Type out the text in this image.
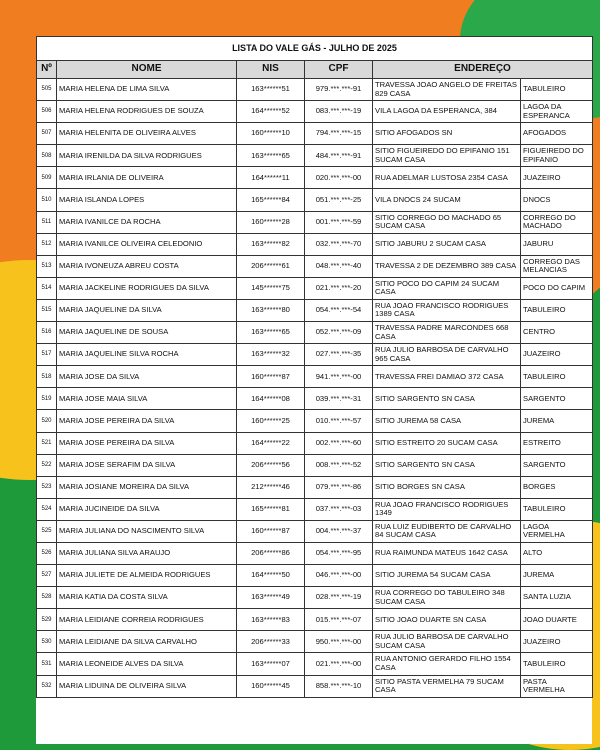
LISTA DO VALE GÁS - JULHO DE 2025					
Nº	NOME	NIS	CPF	ENDEREÇO	
505	MARIA HELENA DE LIMA SILVA	163******51	979.***.***-91	TRAVESSA JOAO ANGELO DE FREITAS 829 CASA	TABULEIRO
506	MARIA HELENA RODRIGUES DE SOUZA	164******52	083.***.***-19	VILA LAGOA DA ESPERANCA, 384	LAGOA DA ESPERANCA
507	MARIA HELENITA DE OLIVEIRA ALVES	160******10	794.***.***-15	SITIO AFOGADOS SN	AFOGADOS
508	MARIA IRENILDA DA SILVA RODRIGUES	163******65	484.***.***-91	SITIO FIGUEIREDO DO EPIFANIO 151 SUCAM CASA	FIGUEIREDO DO EPIFANIO
509	MARIA IRLANIA DE OLIVEIRA	164******11	020.***.***-00	RUA ADELMAR LUSTOSA 2354 CASA	JUAZEIRO
510	MARIA ISLANDA LOPES	165******84	051.***.***-25	VILA DNOCS 24 SUCAM	DNOCS
511	MARIA IVANILCE DA ROCHA	160******28	001.***.***-59	SITIO CORREGO DO MACHADO 65 SUCAM CASA	CORREGO DO MACHADO
512	MARIA IVANILCE OLIVEIRA CELEDONIO	163******82	032.***.***-70	SITIO JABURU 2 SUCAM CASA	JABURU
513	MARIA IVONEUZA ABREU COSTA	206******61	048.***.***-40	TRAVESSA 2 DE DEZEMBRO 389 CASA	CORREGO DAS MELANCIAS
514	MARIA JACKELINE RODRIGUES DA SILVA	145******75	021.***.***-20	SITIO POCO DO CAPIM 24 SUCAM CASA	POCO DO CAPIM
515	MARIA JAQUELINE DA SILVA	163******80	054.***.***-54	RUA JOAO FRANCISCO RODRIGUES 1389 CASA	TABULEIRO
516	MARIA JAQUELINE DE SOUSA	163******65	052.***.***-09	TRAVESSA PADRE MARCONDES 668 CASA	CENTRO
517	MARIA JAQUELINE SILVA ROCHA	163******32	027.***.***-35	RUA JULIO BARBOSA DE CARVALHO 965 CASA	JUAZEIRO
518	MARIA JOSE DA SILVA	160******87	941.***.***-00	TRAVESSA FREI DAMIAO 372 CASA	TABULEIRO
519	MARIA JOSE MAIA SILVA	164******08	039.***.***-31	SITIO SARGENTO SN CASA	SARGENTO
520	MARIA JOSE PEREIRA DA SILVA	160******25	010.***.***-57	SITIO JUREMA 58 CASA	JUREMA
521	MARIA JOSE PEREIRA DA SILVA	164******22	002.***.***-60	SITIO ESTREITO 20 SUCAM CASA	ESTREITO
522	MARIA JOSE SERAFIM DA SILVA	206******56	008.***.***-52	SITIO SARGENTO SN CASA	SARGENTO
523	MARIA JOSIANE MOREIRA DA SILVA	212******46	079.***.***-86	SITIO BORGES SN CASA	BORGES
524	MARIA JUCINEIDE DA SILVA	165******81	037.***.***-03	RUA JOAO FRANCISCO RODRIGUES 1349	TABULEIRO
525	MARIA JULIANA DO NASCIMENTO SILVA	160******87	004.***.***-37	RUA LUIZ EUDIBERTO DE CARVALHO 84 SUCAM CASA	LAGOA VERMELHA
526	MARIA JULIANA SILVA ARAUJO	206******86	054.***.***-95	RUA RAIMUNDA MATEUS 1642 CASA	ALTO
527	MARIA JULIETE DE ALMEIDA RODRIGUES	164******50	046.***.***-00	SITIO JUREMA 54 SUCAM CASA	JUREMA
528	MARIA KATIA DA COSTA SILVA	163******49	028.***.***-19	RUA CORREGO DO TABULEIRO 348 SUCAM CASA	SANTA LUZIA
529	MARIA LEIDIANE CORREIA RODRIGUES	163******83	015.***.***-07	SITIO JOAO DUARTE SN CASA	JOAO DUARTE
530	MARIA LEIDIANE DA SILVA CARVALHO	206******33	950.***.***-00	RUA JULIO BARBOSA DE CARVALHO SUCAM CASA	JUAZEIRO
531	MARIA LEONEIDE ALVES DA SILVA	163******07	021.***.***-00	RUA ANTONIO GERARDO FILHO 1554 CASA	TABULEIRO
532	MARIA LIDUINA DE OLIVEIRA SILVA	160******45	858.***.***-10	SITIO PASTA VERMELHA 79 SUCAM CASA	PASTA VERMELHA
